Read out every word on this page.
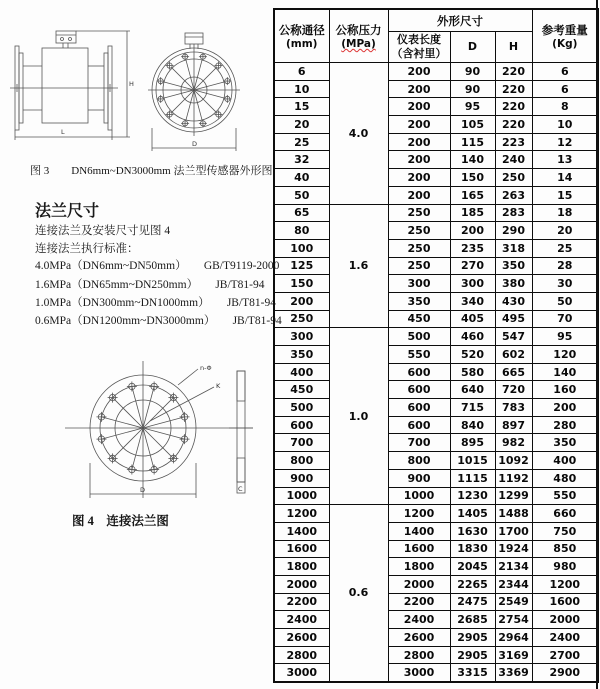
L
H
D
图 3　　DN6mm~DN3000mm 法兰型传感器外形图
法兰尺寸
连接法兰及安装尺寸见图 4
连接法兰执行标准：
4.0MPa（DN6mm~DN50mm）　　GB/T9119-2000
1.6MPa（DN65mm~DN250mm）　　JB/T81-94
1.0MPa（DN300mm~DN1000mm）　　JB/T81-94
0.6MPa（DN1200mm~DN3000mm）　　JB/T81-94
n-Φ
K
D	C
图 4　连接法兰图
公称通径
(mm)	公称压力
(MPa)	外形尺寸			参考重量
(Kg)

		仪表长度
（含衬里）	D	H	
6	4.0	200	90	220	6
10		200	90	220	6
15		200	95	220	8
20		200	105	220	10
25		200	115	223	12
32		200	140	240	13
40		200	150	250	14
50		200	165	263	15
65	1.6	250	185	283	18
80		250	200	290	20
100		250	235	318	25
125		250	270	350	28
150		300	300	380	30
200		350	340	430	50
250		450	405	495	70
300	1.0	500	460	547	95
350		550	520	602	120
400		600	580	665	140
450		600	640	720	160
500		600	715	783	200
600		600	840	897	280
700		700	895	982	350
800		800	1015	1092	400
900		900	1115	1192	480
1000		1000	1230	1299	550
1200	0.6	1200	1405	1488	660
1400		1400	1630	1700	750
1600		1600	1830	1924	850
1800		1800	2045	2134	980
2000		2000	2265	2344	1200
2200		2200	2475	2549	1600
2400		2400	2685	2754	2000
2600		2600	2905	2964	2400
2800		2800	2905	3169	2700
3000		3000	3315	3369	2900
